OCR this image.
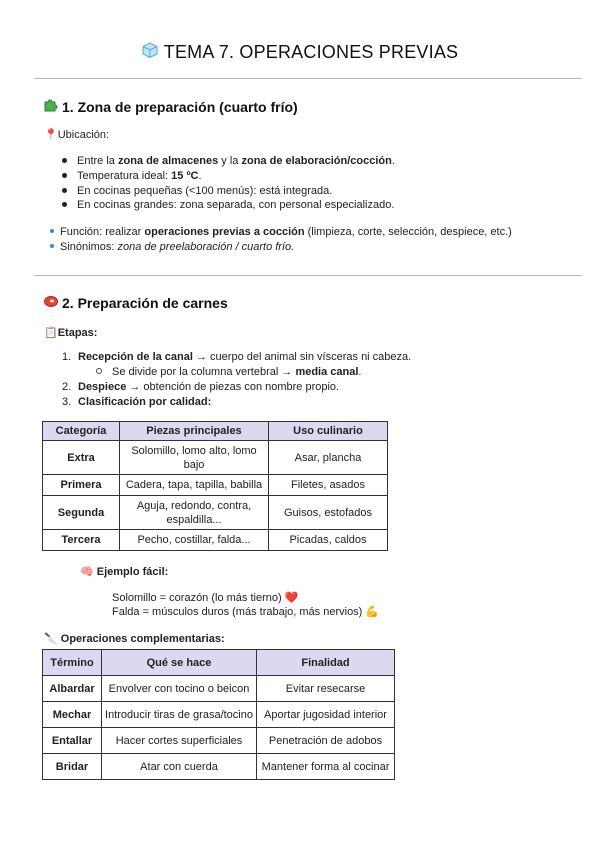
TEMA 7. OPERACIONES PREVIAS
1. Zona de preparación (cuarto frío)
📍Ubicación:
Entre la zona de almacenes y la zona de elaboración/cocción.
Temperatura ideal: 15 ºC.
En cocinas pequeñas (<100 menús): está integrada.
En cocinas grandes: zona separada, con personal especializado.
Función: realizar operaciones previas a cocción (limpieza, corte, selección, despiece, etc.)
Sinónimos: zona de preelaboración / cuarto frío.
2. Preparación de carnes
📋Etapas:
1. Recepción de la canal → cuerpo del animal sin vísceras ni cabeza.
Se divide por la columna vertebral → media canal.
2. Despiece → obtención de piezas con nombre propio.
3. Clasificación por calidad:
Categoría	Piezas principales	Uso culinario
Extra	Solomillo, lomo alto, lomo bajo	Asar, plancha
Primera	Cadera, tapa, tapilla, babilla	Filetes, asados
Segunda	Aguja, redondo, contra, espaldilla...	Guisos, estofados
Tercera	Pecho, costillar, falda...	Picadas, caldos
🧠 Ejemplo fácil:
Solomillo = corazón (lo más tierno) ❤️
Falda = músculos duros (más trabajo, más nervios) 💪
🔪 Operaciones complementarias:
Término	Qué se hace	Finalidad
Albardar	Envolver con tocino o beicon	Evitar resecarse
Mechar	Introducir tiras de grasa/tocino	Aportar jugosidad interior
Entallar	Hacer cortes superficiales	Penetración de adobos
Bridar	Atar con cuerda	Mantener forma al cocinar
